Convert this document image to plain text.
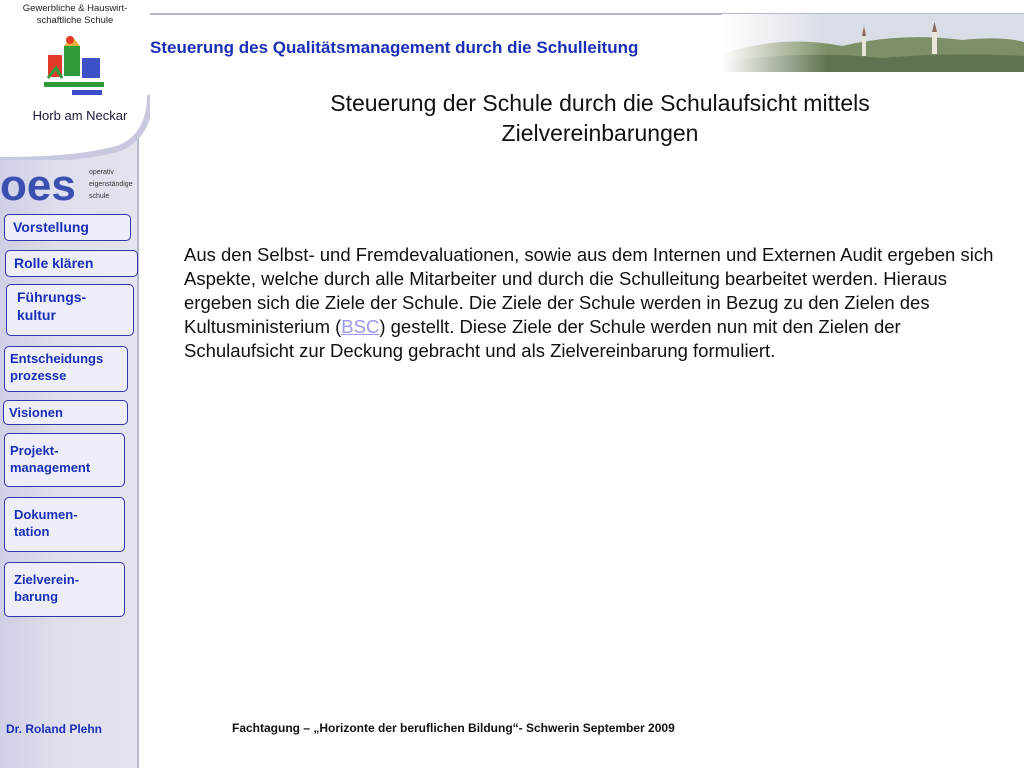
Gewerbliche & Hauswirt-
schaftliche Schule
Horb am Neckar
Steuerung des Qualitätsmanagement durch die Schulleitung
oes operativ
eigenständige
schule
Vorstellung
Rolle klären
Führungs-
kultur
Entscheidungs
prozesse
Visionen
Projekt-
management
Dokumen-
tation
Zielverein-
barung
Steuerung der Schule durch die Schulaufsicht mittels
Zielvereinbarungen
Aus den Selbst- und Fremdevaluationen, sowie aus dem Internen und Externen Audit ergeben sich Aspekte, welche durch alle Mitarbeiter und durch die Schulleitung bearbeitet werden. Hieraus ergeben sich die Ziele der Schule. Die Ziele der Schule werden in Bezug zu den Zielen des Kultusministerium (BSC) gestellt. Diese Ziele der Schule werden nun mit den Zielen der Schulaufsicht zur Deckung gebracht und als Zielvereinbarung formuliert.
Dr. Roland Plehn	Fachtagung – „Horizonte der beruflichen Bildung“- Schwerin September 2009
